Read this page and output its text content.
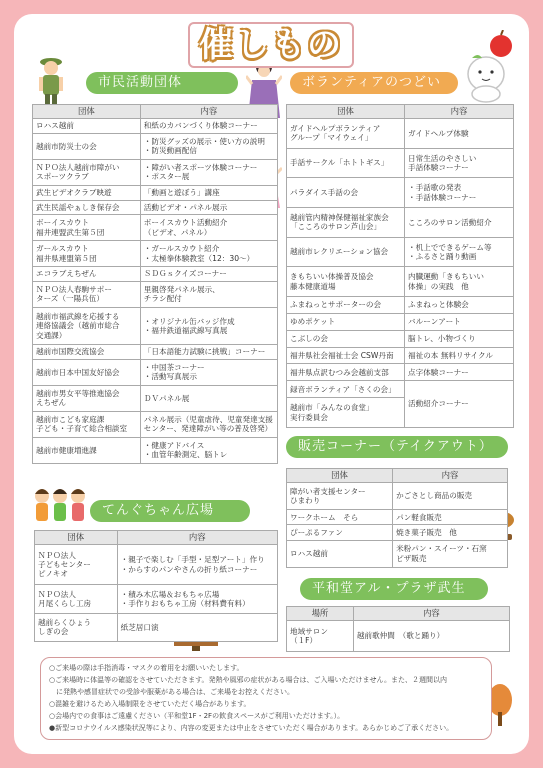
催しもの
市民活動団体	ボランティアのつどい
販売コーナー（テイクアウト）
てんぐちゃん広場
平和堂アル・プラザ武生
団体	内容

ロハス越前	和紙のカバンづくり体験コーナー

越前市防災士の会	・防災グッズの展示・使い方の説明
・防災動画配信

ＮＰＯ法人越前市障がい
スポーツクラブ	・障がい者スポーツ体験コーナー
・ポスター展

武生ビデオクラブ映遊	「動画と遊ぼう」講座

武生民謡やぁしき保存会	活動ビデオ・パネル展示

ボーイスカウト
福井連盟武生第５団	ボーイスカウト活動紹介
（ビデオ、パネル）

ガールスカウト
福井県連盟第５団	・ガールスカウト紹介
・太極拳体験教室（12：30～）

エコラブえちぜん	ＳＤＧｓクイズコーナー

ＮＰＯ法人春駒サポー
ターズ（一陽兵伍）	里親啓発パネル展示、
チラシ配付

越前市福武線を応援する
連絡協議会（越前市総合
交通課）	・オリジナル缶バッジ作成
・福井鉄道福武線写真展

越前市国際交流協会	「日本語能力試験に挑戦」コーナー

越前市日本中国友好協会	・中国茶コーナー
・活動写真展示

越前市男女平等推進協会
えちぜん	ＤＶパネル展

越前市こども家庭課
子ども・子育て総合相談室	パネル展示（児童虐待、児童発達支援
センター、発達障がい等の普及啓発）

越前市健康増進課	・健康アドバイス
・血管年齢測定、脳トレ
団体	内容

ガイドヘルプボランティア
グループ「マイウェイ」	ガイドヘルプ体験

手話サークル「ホトトギス」	日常生活のやさしい
手話体験コーナー

パラダイス手話の会	・手話歌の発表
・手話体験コーナー

越前管内精神保健福祉家族会
「こころのサロン芦山会」	こころのサロン活動紹介

越前市レクリエーション協会	・机上でできるゲーム等
・ふるさと踊り動画

きもちいい体操普及協会
藤本健康道場	内臓運動「きもちいい
体操」の実践　他

ふまねっとサポーターの会	ふまねっと体験会

ゆめポケット	バルーンアート

こぶしの会	脳トレ、小物づくり

福井県社会福祉士会 CSW丹南	福祉の本 無料リサイクル

福井県点訳むつみ会越前支部	点字体験コーナー

録音ボランティア「さくの会」	活動紹介コーナー

越前市「みんなの食堂」
実行委員会	
団体	内容

障がい者支援センター
ひまわり	かごさとし商品の販売

ワークホーム　そら	パン軽食販売

ぴーぷるファン	焼き菓子販売　他

ロハス越前	米粉パン・スイーツ・石窯
ピザ販売
団体	内容

ＮＰＯ法人
子どもセンター
ピノキオ	・親子で楽しむ「手型・足型アート」作り
・からすのパンやさんの折り紙コーナー

ＮＰＯ法人
月尾くらし工房	・積み木広場＆おもちゃ広場
・手作りおもちゃ工房（材料費有料）

越前らくひょう
しぎの会	紙芝居口演
場所	内容

地域サロン
（１F）	越前歌仲間　（歌と踊り）

○ご来場の際は手指消毒・マスクの着用をお願いいたします。

○ご来場時に体温等の確認をさせていただきます。発熱や風邪の症状がある場合は、ご入場いただけません。また、２週間以内

　に発熱や感冒症状での受診や服薬がある場合は、ご来場をお控えください。

○混雑を避けるため入場制限をさせていただく場合があります。

○会場内での食事はご遠慮ください（平和堂1F・2Fの飲食スペースがご利用いただけます。）。

●新型コロナウイルス感染状況等により、内容の変更または中止をさせていただく場合があります。あらかじめご了承ください。
